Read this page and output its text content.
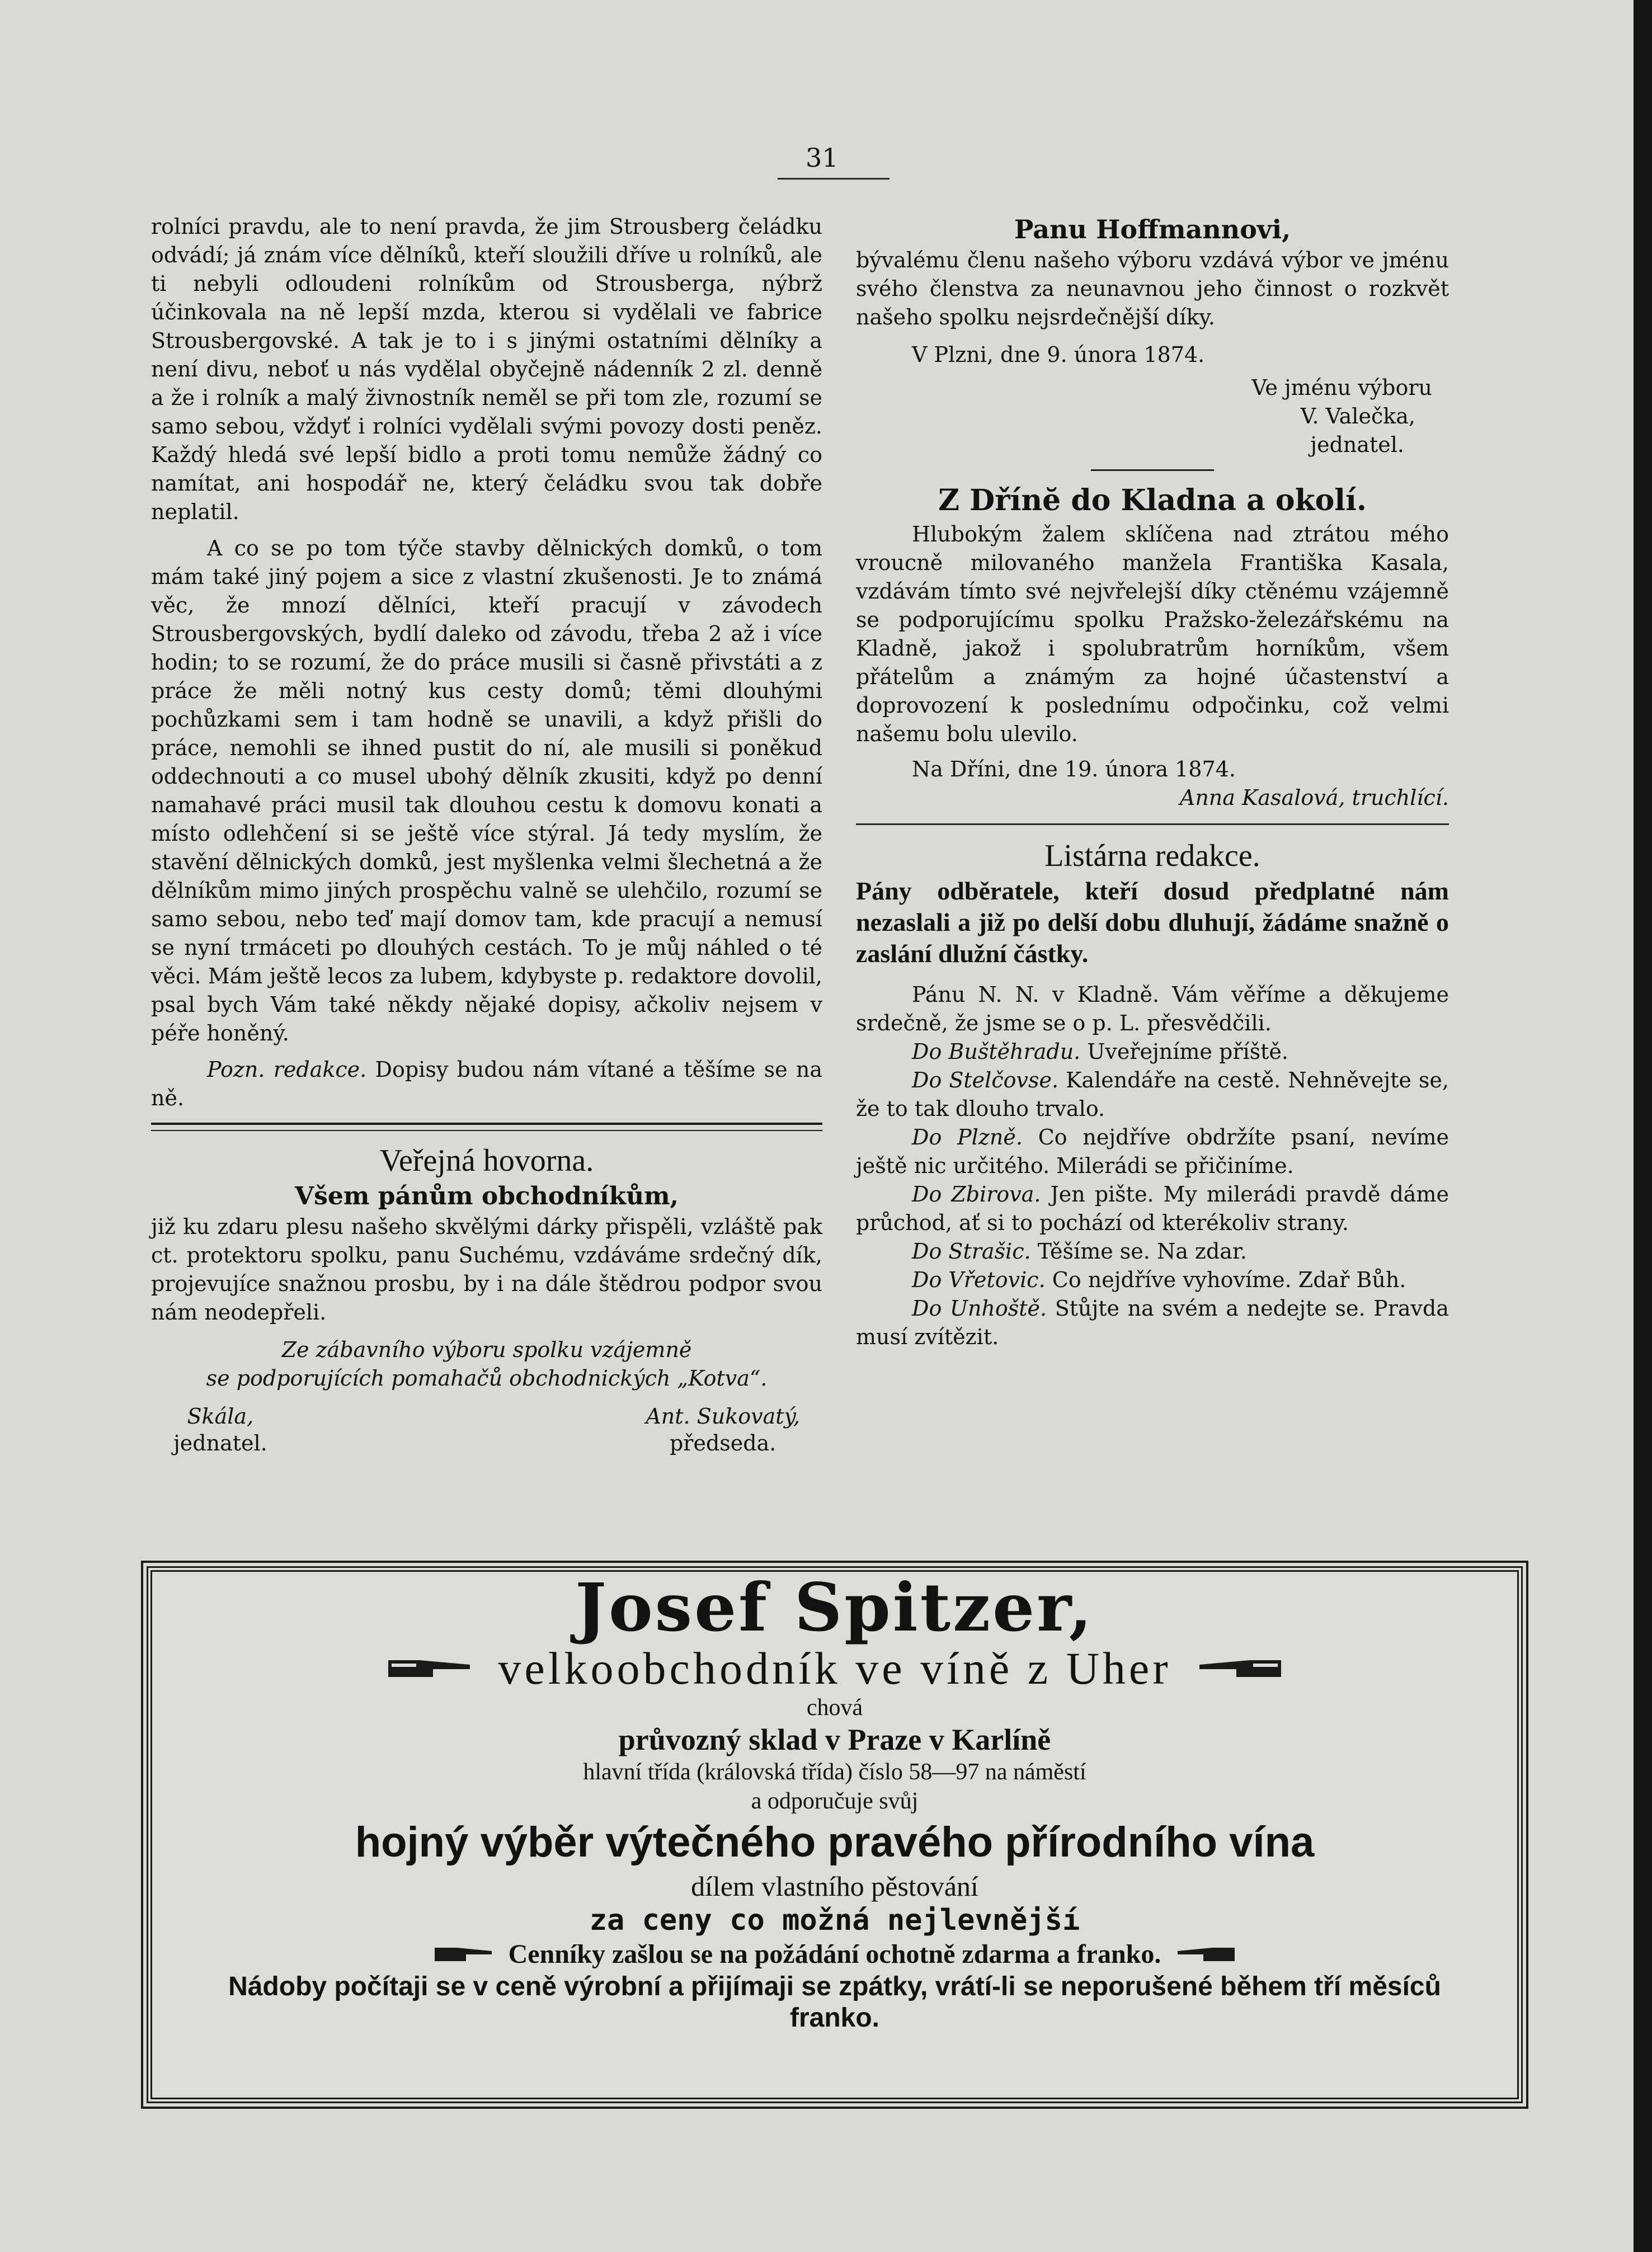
31

rolníci pravdu, ale to není pravda, že jim Strousberg čeládku odvádí; já znám více dělníků, kteří sloužili dříve u rolníků, ale ti nebyli odloudeni rolníkům od Strousberga, nýbrž účinkovala na ně lepší mzda, kterou si vydělali ve fabrice Strousbergovské. A tak je to i s jinými ostatními dělníky a není divu, neboť u nás vydělal obyčejně nádenník 2 zl. denně a že i rolník a malý živnostník neměl se při tom zle, rozumí se samo sebou, vždyť i rolníci vydělali svými povozy dosti peněz. Každý hledá své lepší bidlo a proti tomu nemůže žádný co namítat, ani hospodář ne, který čeládku svou tak dobře neplatil.

A co se po tom týče stavby dělnických domků, o tom mám také jiný pojem a sice z vlastní zkušenosti. Je to známá věc, že mnozí dělníci, kteří pracují v závodech Strousbergovských, bydlí daleko od závodu, třeba 2 až i více hodin; to se rozumí, že do práce musili si časně přivstáti a z práce že měli notný kus cesty domů; těmi dlouhými pochůzkami sem i tam hodně se unavili, a když přišli do práce, nemohli se ihned pustit do ní, ale musili si poněkud oddechnouti a co musel ubohý dělník zkusiti, když po denní namahavé práci musil tak dlouhou cestu k domovu konati a místo odlehčení si se ještě více stýral. Já tedy myslím, že stavění dělnických domků, jest myšlenka velmi šlechetná a že dělníkům mimo jiných prospěchu valně se ulehčilo, rozumí se samo sebou, nebo teď mají domov tam, kde pracují a nemusí se nyní trmáceti po dlouhých cestách. To je můj náhled o té věci. Mám ještě lecos za lubem, kdybyste p. redaktore dovolil, psal bych Vám také někdy nějaké dopisy, ačkoliv nejsem v péře honěný.

Pozn. redakce. Dopisy budou nám vítané a těšíme se na ně.

Veřejná hovorna.

Všem pánům obchodníkům,

již ku zdaru plesu našeho skvělými dárky přispěli, vzláště pak ct. protektoru spolku, panu Suchému, vzdáváme srdečný dík, projevujíce snažnou prosbu, by i na dále štědrou podpor svou nám neodepřeli.

Ze zábavního výboru spolku vzájemně

se podporujících pomahačů obchodnických „Kotva“.

Skála,
jednatel.
Ant. Sukovatý,
předseda.

Panu Hoffmannovi,

bývalému členu našeho výboru vzdává výbor ve jménu svého členstva za neunavnou jeho činnost o rozkvět našeho spolku nejsrdečnější díky.

V Plzni, dne 9. února 1874.

Ve jménu výboru

V. Valečka,

jednatel.

Z Dřínĕ do Kladna a okolí.

Hlubokým žalem sklíčena nad ztrátou mého vroucně milovaného manžela Františka Kasala, vzdávám tímto své nejvřelejší díky ctěnému vzájemně se podporujícímu spolku Pražsko-železářskému na Kladně, jakož i spolubratrům horníkům, všem přátelům a známým za hojné účastenství a doprovození k poslednímu odpočinku, což velmi našemu bolu ulevilo.

Na Dříni, dne 19. února 1874.

Anna Kasalová, truchlící.

Listárna redakce.

Pány odběratele, kteří dosud předplatné nám nezaslali a již po delší dobu dluhují, žádáme snažně o zaslání dlužní částky.

Pánu N. N. v Kladně. Vám věříme a děkujeme srdečně, že jsme se o p. L. přesvědčili.

Do Buštěhradu. Uveřejníme příště.

Do Stelčovse. Kalendáře na cestě. Nehněvejte se, že to tak dlouho trvalo.

Do Plzně. Co nejdříve obdržíte psaní, nevíme ještě nic určitého. Milerádi se přičiníme.

Do Zbirova. Jen pište. My milerádi pravdě dáme průchod, ať si to pochází od kterékoliv strany.

Do Strašic. Těšíme se. Na zdar.

Do Vřetovic. Co nejdříve vyhovíme. Zdař Bůh.

Do Unhoště. Stůjte na svém a nedejte se. Pravda musí zvítězit.

Josef Spitzer,

velkoobchodník ve víně z Uher

chová

průvozný sklad v Praze v Karlíně

hlavní třída (královská třída) číslo 58—97 na náměstí

a odporučuje svůj

hojný výběr výtečného pravého přírodního vína

dílem vlastního pěstování

za ceny co možná nejlevnější

Cenníky zašlou se na požádání ochotně zdarma a franko.

Nádoby počítaji se v ceně výrobní a přijímaji se zpátky, vrátí-li se neporušené během tří měsíců franko.
